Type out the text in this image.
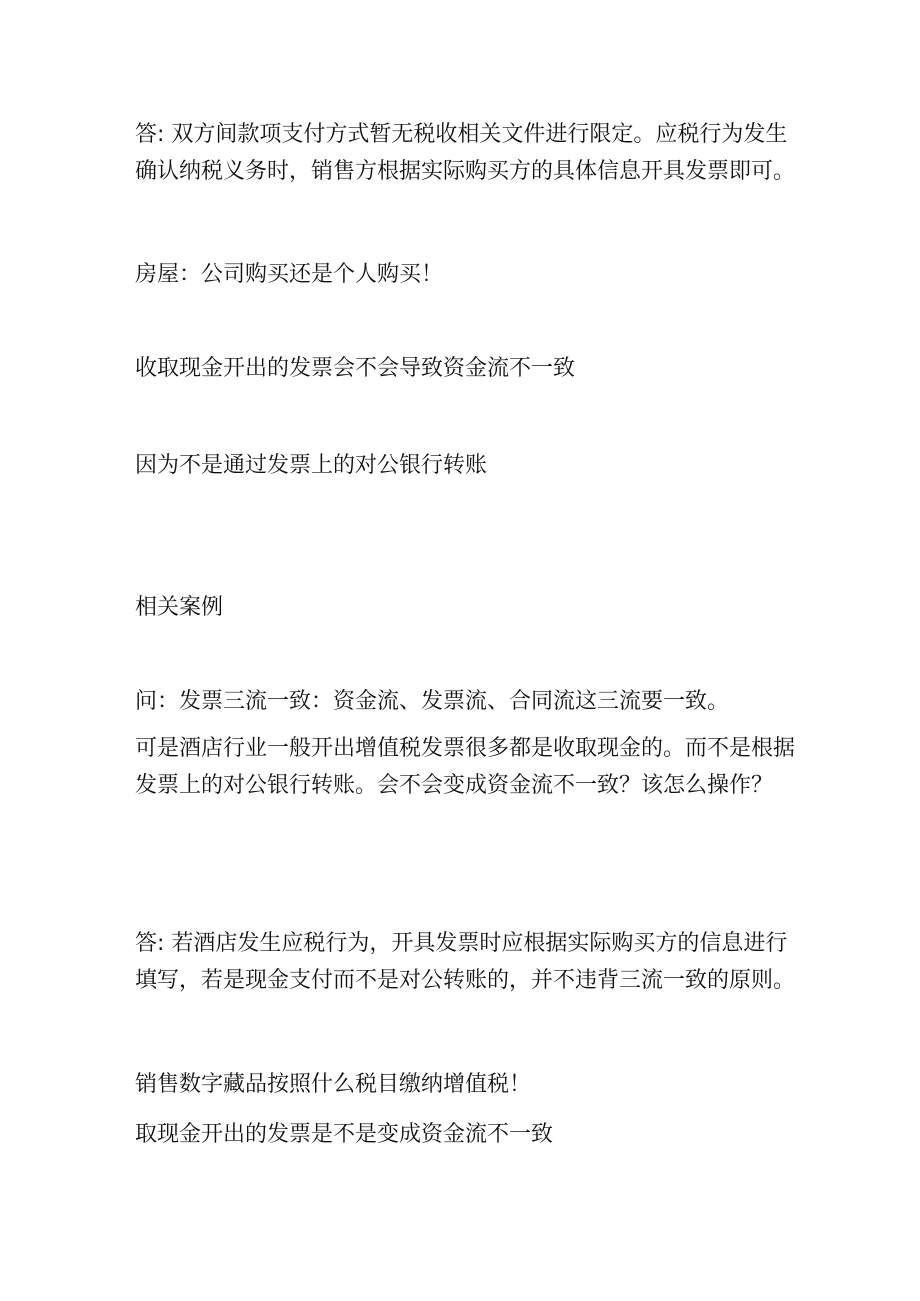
答: 双方间款项支付方式暂无税收相关文件进行限定。应税行为发生确认纳税义务时，销售方根据实际购买方的具体信息开具发票即可。

房屋：公司购买还是个人购买！

收取现金开出的发票会不会导致资金流不一致

因为不是通过发票上的对公银行转账

相关案例

问：发票三流一致：资金流、发票流、合同流这三流要一致。

可是酒店行业一般开出增值税发票很多都是收取现金的。而不是根据发票上的对公银行转账。会不会变成资金流不一致？该怎么操作？

答: 若酒店发生应税行为，开具发票时应根据实际购买方的信息进行填写，若是现金支付而不是对公转账的，并不违背三流一致的原则。

销售数字藏品按照什么税目缴纳增值税！

取现金开出的发票是不是变成资金流不一致
